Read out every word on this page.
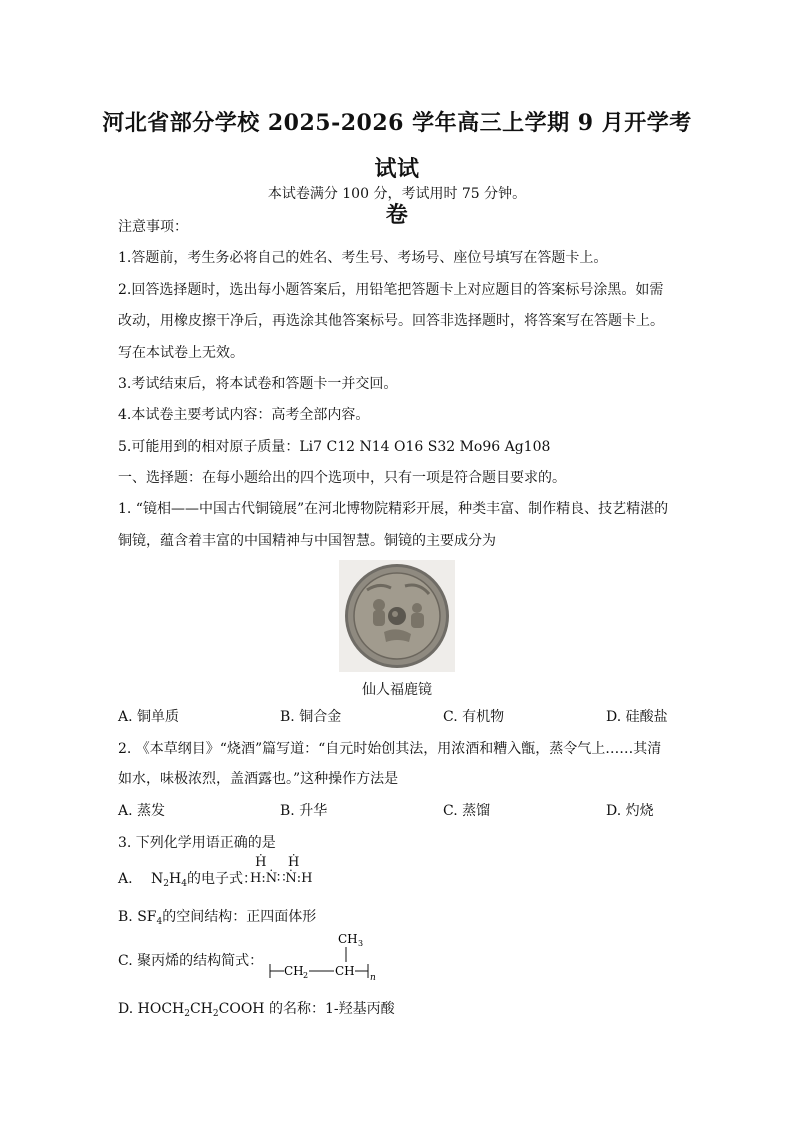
河北省部分学校 2025-2026 学年高三上学期 9 月开学考试试
卷
本试卷满分 100 分，考试用时 75 分钟。
注意事项：
1.答题前，考生务必将自己的姓名、考生号、考场号、座位号填写在答题卡上。
2.回答选择题时，选出每小题答案后，用铅笔把答题卡上对应题目的答案标号涂黑。如需
改动，用橡皮擦干净后，再选涂其他答案标号。回答非选择题时，将答案写在答题卡上。
写在本试卷上无效。
3.考试结束后，将本试卷和答题卡一并交回。
4.本试卷主要考试内容：高考全部内容。
5.可能用到的相对原子质量：Li7 C12 N14 O16 S32 Mo96 Ag108
一、选择题：在每小题给出的四个选项中，只有一项是符合题目要求的。
1. “镜相——中国古代铜镜展”在河北博物院精彩开展，种类丰富、制作精良、技艺精湛的
铜镜，蕴含着丰富的中国精神与中国智慧。铜镜的主要成分为
仙人福鹿镜
A. 铜单质	B. 铜合金	C. 有机物	D. 硅酸盐
2. 《本草纲目》“烧酒”篇写道：“自元时始创其法，用浓酒和糟入甑，蒸令气上……其清
如水，味极浓烈，盖酒露也。”这种操作方法是
A. 蒸发	B. 升华	C. 蒸馏	D. 灼烧
3. 下列化学用语正确的是
A. $N_2H_4$的电子式：
Ḣ    Ḣ
H:Ṅ∷Ṅ:H
B. $SF_4$的空间结构：正四面体形
C. 聚丙烯的结构简式：
CH 3
CH 2 CH n
D. $HOCH_2CH_2COOH$ 的名称：1-羟基丙酸
